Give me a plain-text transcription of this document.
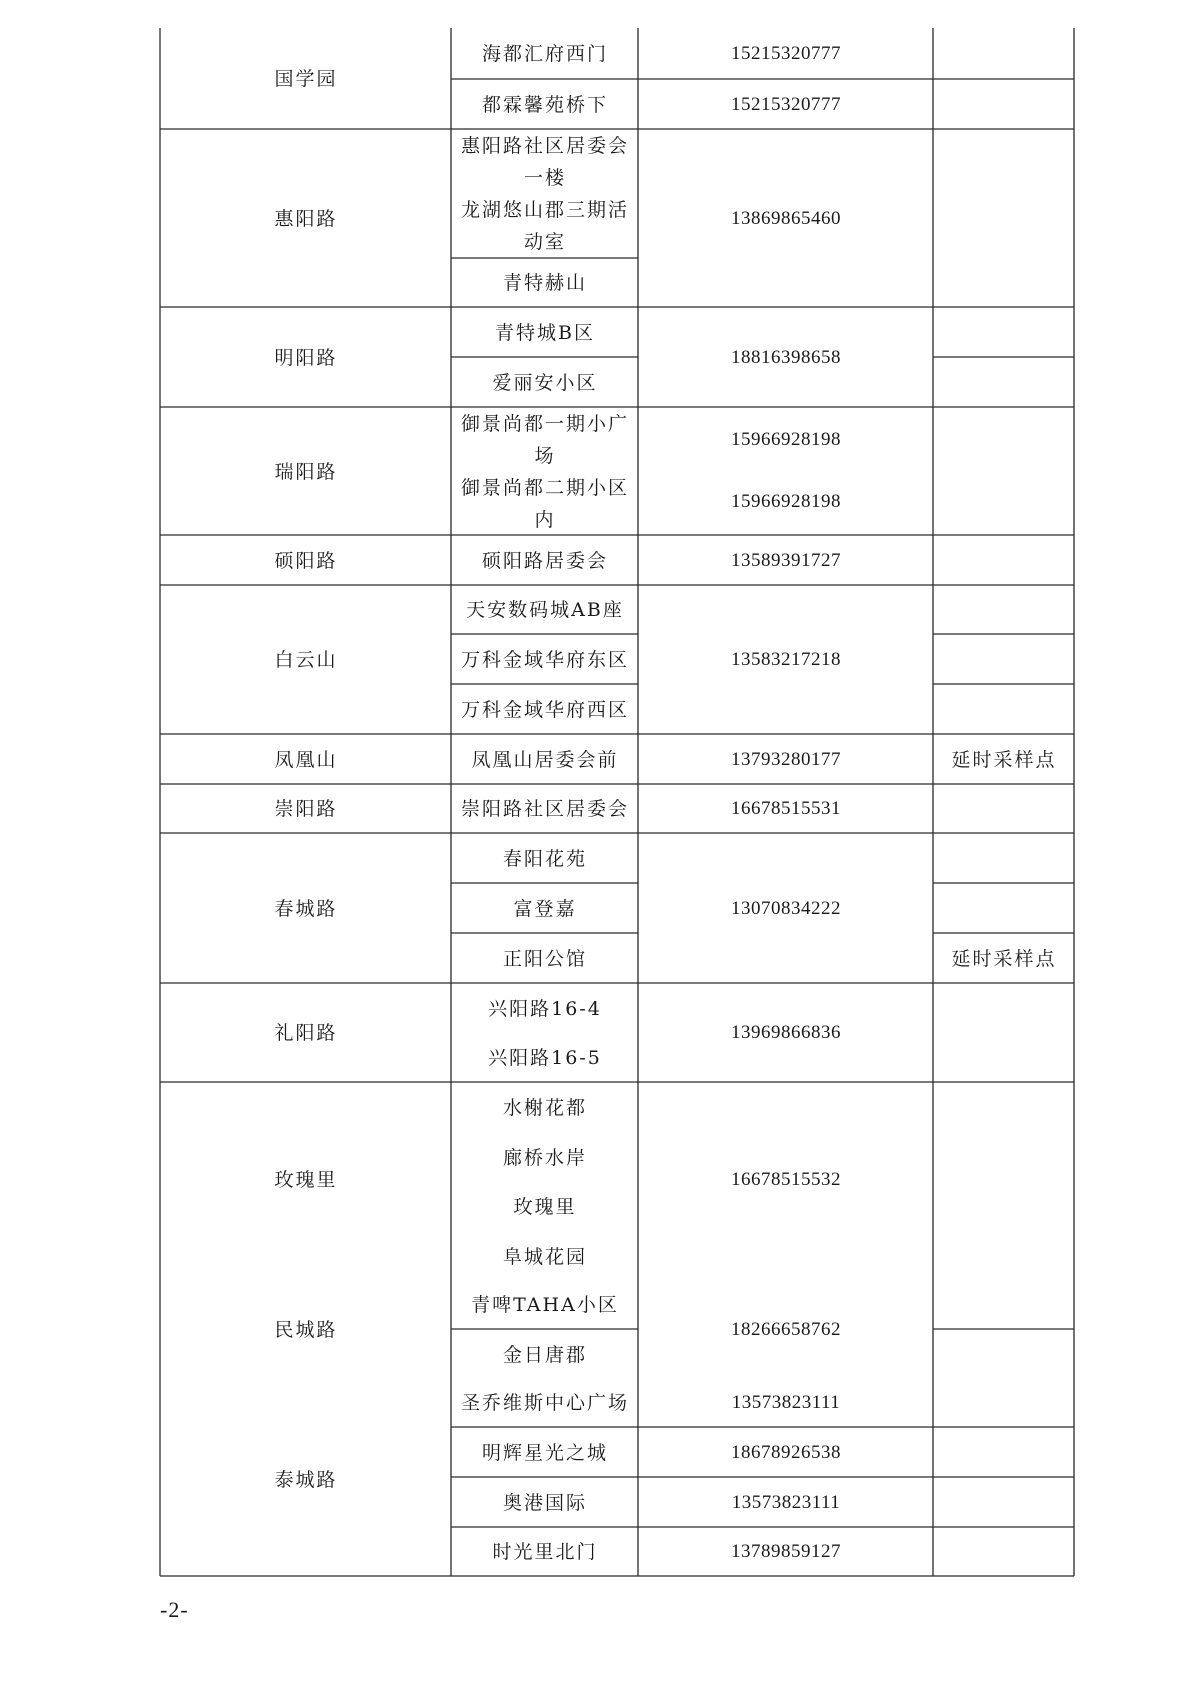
国学园
惠阳路
明阳路
瑞阳路
硕阳路
白云山
凤凰山
崇阳路
春城路
礼阳路
玫瑰里
民城路
泰城路
海都汇府西门
都霖馨苑桥下
惠阳路社区居委会一楼
龙湖悠山郡三期活动室
青特赫山
青特城B区
爱丽安小区
御景尚都一期小广场
御景尚都二期小区内
硕阳路居委会
天安数码城AB座
万科金域华府东区
万科金域华府西区
凤凰山居委会前
崇阳路社区居委会
春阳花苑
富登嘉
正阳公馆
兴阳路16-4
兴阳路16-5
水榭花都
廊桥水岸
玫瑰里
阜城花园
青啤TAHA小区
金日唐郡
圣乔维斯中心广场
明辉星光之城
奥港国际
时光里北门
15215320777
15215320777
13869865460
18816398658
15966928198
15966928198
13589391727
13583217218
13793280177
16678515531
13070834222
13969866836
16678515532
18266658762
13573823111
18678926538
13573823111
13789859127
延时采样点
延时采样点
-2-
